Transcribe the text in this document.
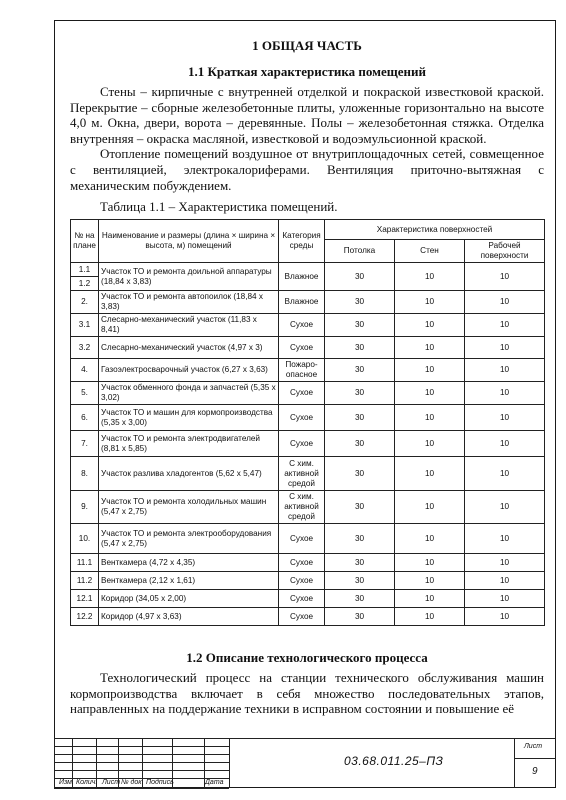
1 ОБЩАЯ ЧАСТЬ
1.1 Краткая характеристика помещений

Стены – кирпичные с внутренней отделкой и покраской известковой краской. Перекрытие – сборные железобетонные плиты, уложенные горизонтально на высоте 4,0 м. Окна, двери, ворота – деревянные. Полы – железобетонная стяжка. Отделка внутренняя – окраска масляной, известковой и водоэмульсионной краской.

Отопление помещений воздушное от внутриплощадочных сетей, совмещенное с вентиляцией, электрокалориферами. Вентиляция приточно-вытяжная с механическим побуждением.

Таблица 1.1 – Характеристика помещений.
№ на плане	Наименование и размеры (длина × ширина × высота, м) помещений	Категория среды	Характеристика поверхностей		
			Потолка	Стен	Рабочей поверхности
1.1	Участок ТО и ремонта доильной аппаратуры (18,84 x 3,83)	Влажное	30	10	10
1.2					
2.	Участок ТО и ремонта автопоилок (18,84 x 3,83)	Влажное	30	10	10
3.1	Слесарно-механический участок (11,83 x 8,41)	Сухое	30	10	10
3.2	Слесарно-механический участок (4,97 x 3)	Сухое	30	10	10
4.	Газоэлектросварочный участок (6,27 x 3,63)	Пожаро-опасное	30	10	10
5.	Участок обменного фонда и запчастей (5,35 x 3,02)	Сухое	30	10	10
6.	Участок ТО и машин для кормопроизводства (5,35 x 3,00)	Сухое	30	10	10
7.	Участок ТО и ремонта электродвигателей (8,81 x 5,85)	Сухое	30	10	10
8.	Участок разлива хладогентов (5,62 x 5,47)	С хим. активной средой	30	10	10
9.	Участок ТО и ремонта холодильных машин (5,47 x 2,75)	С хим. активной средой	30	10	10
10.	Участок ТО и ремонта электрооборудования (5,47 x 2,75)	Сухое	30	10	10
11.1	Венткамера (4,72 x 4,35)	Сухое	30	10	10
11.2	Венткамера (2,12 x 1,61)	Сухое	30	10	10
12.1	Коридор (34,05 x 2,00)	Сухое	30	10	10
12.2	Коридор (4,97 x 3,63)	Сухое	30	10	10
1.2 Описание технологического процесса

Технологический процесс на станции технического обслуживания машин кормопроизводства включает в себя множество последовательных этапов, направленных на поддержание техники в исправном состоянии и повышение её

Изм. Колич. Лист № док. Подпись	Дата
03.68.011.25–ПЗ
Лист
9
